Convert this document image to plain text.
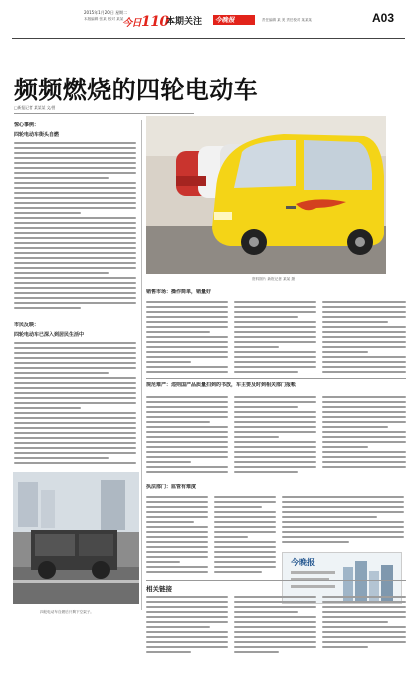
2015年1月20日 星期二
本版编辑 张某 校对 某某
今日110
本期关注	今晚报	责任编辑 某 美 责任校对 某某某	A03
频频燃烧的四轮电动车
□新报记者 某某某 文/图
惊心事例：
四轮电动车街头自燃
市民反映：
四轮电动车已深入到居民生活中
四轮电动车自燃后只剩下空架子。
资料图片 新报记者 某某 摄
销售市场：操作简单，销量好
规范难产：违则国产品质量扫到的书放，车主要及时到相关部门报帐
执法部门：监管有难度
今晚报
相关链接
